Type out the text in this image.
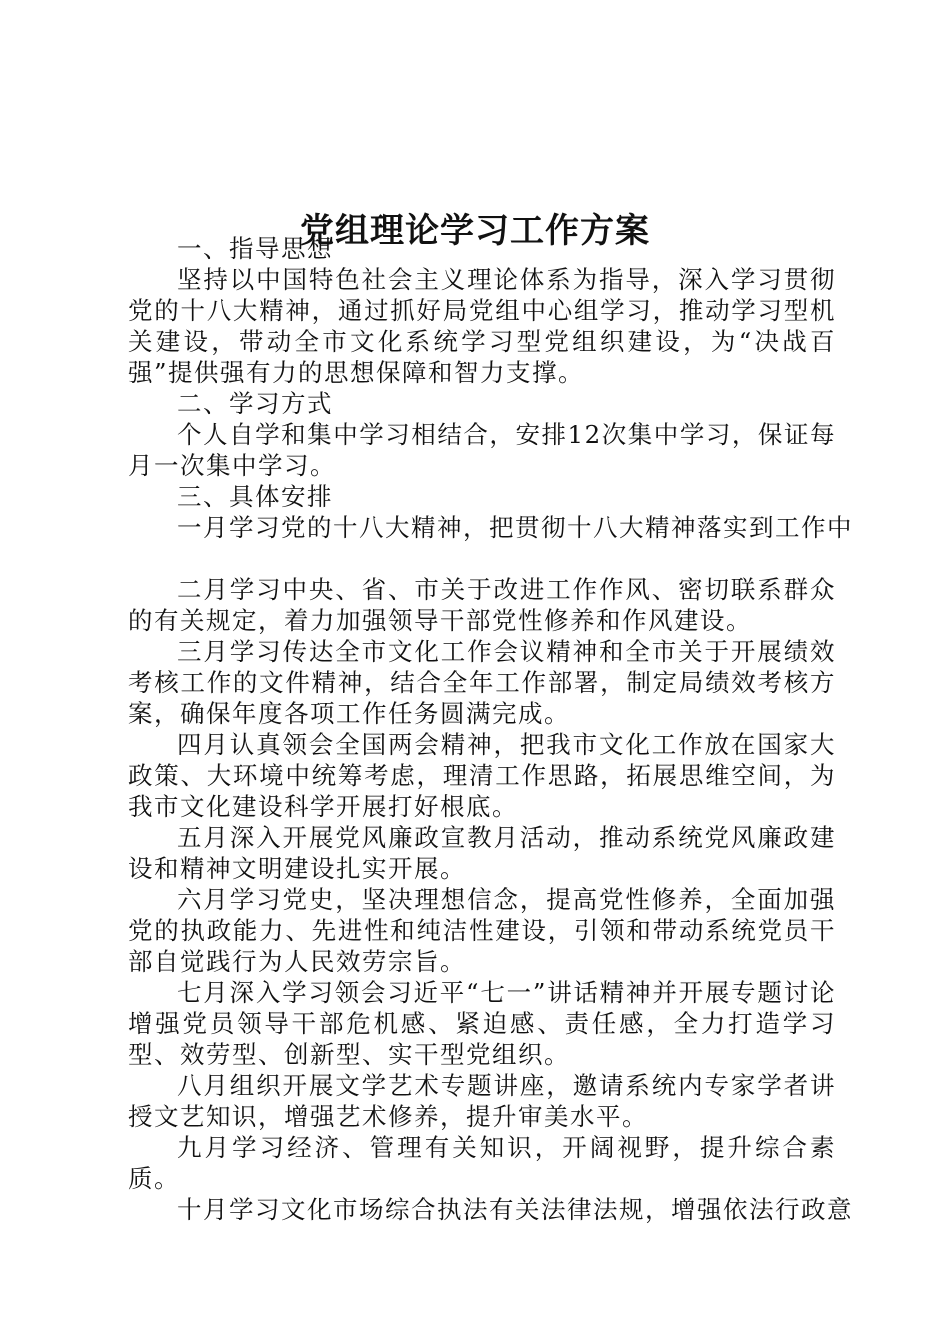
党组理论学习工作方案

一、指导思想

坚持以中国特色社会主义理论体系为指导，深入学习贯彻党的十八大精神，通过抓好局党组中心组学习，推动学习型机关建设，带动全市文化系统学习型党组织建设，为“决战百强”提供强有力的思想保障和智力支撑。

二、学习方式

个人自学和集中学习相结合，安排12次集中学习，保证每月一次集中学习。

三、具体安排

一月学习党的十八大精神，把贯彻十八大精神落实到工作中

二月学习中央、省、市关于改进工作作风、密切联系群众的有关规定，着力加强领导干部党性修养和作风建设。

三月学习传达全市文化工作会议精神和全市关于开展绩效考核工作的文件精神，结合全年工作部署，制定局绩效考核方案，确保年度各项工作任务圆满完成。

四月认真领会全国两会精神，把我市文化工作放在国家大政策、大环境中统筹考虑，理清工作思路，拓展思维空间，为我市文化建设科学开展打好根底。

五月深入开展党风廉政宣教月活动，推动系统党风廉政建设和精神文明建设扎实开展。

六月学习党史，坚决理想信念，提高党性修养，全面加强党的执政能力、先进性和纯洁性建设，引领和带动系统党员干部自觉践行为人民效劳宗旨。

七月深入学习领会习近平“七一”讲话精神并开展专题讨论增强党员领导干部危机感、紧迫感、责任感，全力打造学习型、效劳型、创新型、实干型党组织。

八月组织开展文学艺术专题讲座，邀请系统内专家学者讲授文艺知识，增强艺术修养，提升审美水平。

九月学习经济、管理有关知识，开阔视野，提升综合素质。

十月学习文化市场综合执法有关法律法规，增强依法行政意
